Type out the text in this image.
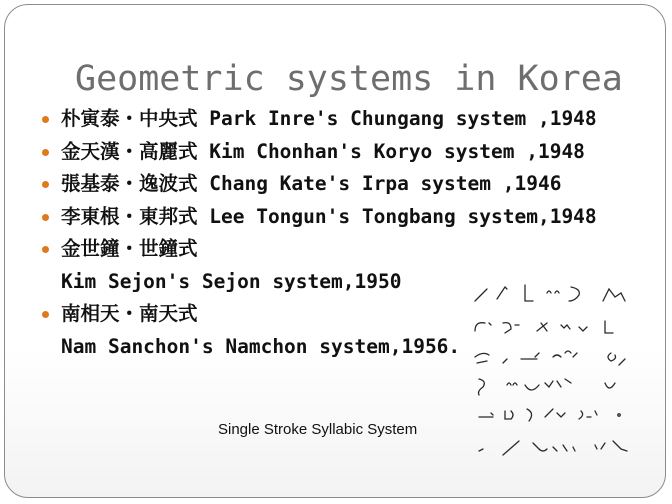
Geometric systems in Korea
朴寅泰・中央式 Park Inre's Chungang system ,1948
金天漢・高麗式 Kim Chonhan's Koryo system ,1948
張基泰・逸波式 Chang Kate's Irpa system ,1946
李東根・東邦式 Lee Tongun's Tongbang system,1948
金世鐘・世鐘式
Kim Sejon's Sejon system,1950
南相天・南天式
Nam Sanchon's Namchon system,1956.
Single Stroke Syllabic System
